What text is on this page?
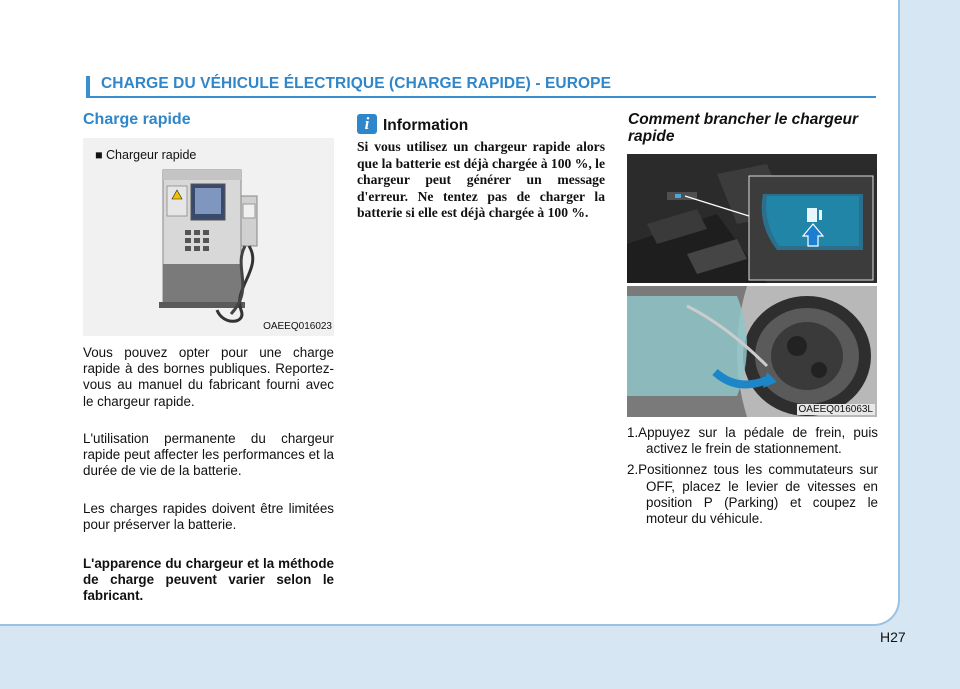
CHARGE DU VÉHICULE ÉLECTRIQUE (CHARGE RAPIDE) - EUROPE
Charge rapide
■ Chargeur rapide
OAEEQ016023

Vous pouvez opter pour une charge rapide à des bornes publiques. Reportez-vous au manuel du fabricant fourni avec le chargeur rapide.

L'utilisation permanente du chargeur rapide peut affecter les performances et la durée de vie de la batterie.

Les charges rapides doivent être limitées pour préserver la batterie.

L'apparence du chargeur et la méthode de charge peuvent varier selon le fabricant.

i Information

Si vous utilisez un chargeur rapide alors que la batterie est déjà chargée à 100 %, le chargeur peut générer un message d'erreur. Ne tentez pas de charger la batterie si elle est déjà chargée à 100 %.

Comment brancher le chargeur rapide
OAEEQ016063L
1.Appuyez sur la pédale de frein, puis activez le frein de stationnement.
2.Positionnez tous les commutateurs sur OFF, placez le levier de vitesses en position P (Parking) et coupez le moteur du véhicule.
H27
